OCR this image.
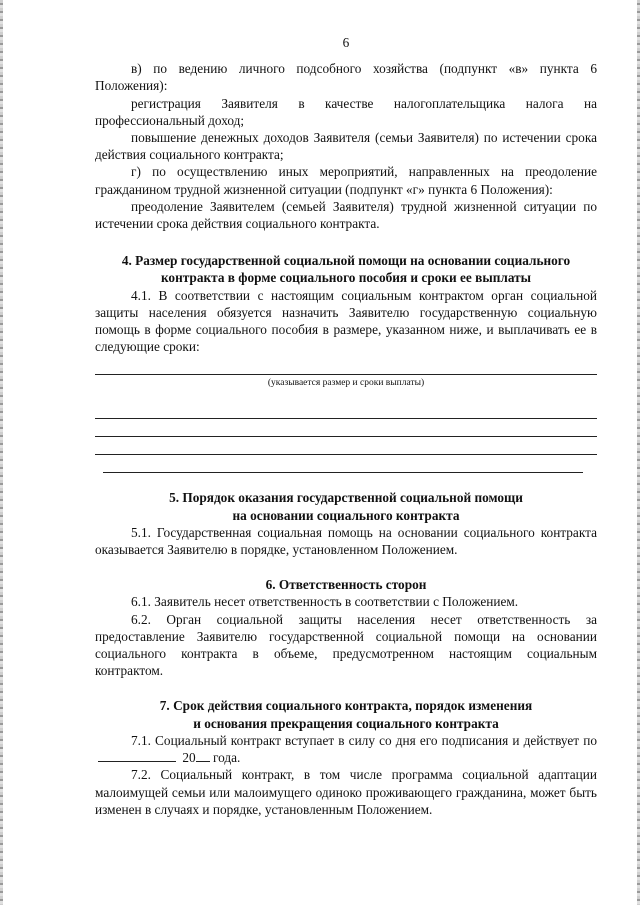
6

в) по ведению личного подсобного хозяйства (подпункт «в» пункта 6 Положения):

регистрация Заявителя в качестве налогоплательщика налога на профессиональный доход;

повышение денежных доходов Заявителя (семьи Заявителя) по истечении срока действия социального контракта;

г) по осуществлению иных мероприятий, направленных на преодоление гражданином трудной жизненной ситуации (подпункт «г» пункта 6 Положения):

преодоление Заявителем (семьей Заявителя) трудной жизненной ситуации по истечении срока действия социального контракта.

4. Размер государственной социальной помощи на основании социального
контракта в форме социального пособия и сроки ее выплаты

4.1. В соответствии с настоящим социальным контрактом орган социальной защиты населения обязуется назначить Заявителю государственную социальную помощь в форме социального пособия в размере, указанном ниже, и выплачивать ее в следующие сроки:

(указывается размер и сроки выплаты)
5. Порядок оказания государственной социальной помощи
на основании социального контракта

5.1. Государственная социальная помощь на основании социального контракта оказывается Заявителю в порядке, установленном Положением.

6. Ответственность сторон

6.1. Заявитель несет ответственность в соответствии с Положением.

6.2. Орган социальной защиты населения несет ответственность за предоставление Заявителю государственной социальной помощи на основании социального контракта в объеме, предусмотренном настоящим социальным контрактом.

7. Срок действия социального контракта, порядок изменения
и основания прекращения социального контракта

7.1. Социальный контракт вступает в силу со дня его подписания и действует по  20 года.

7.2. Социальный контракт, в том числе программа социальной адаптации малоимущей семьи или малоимущего одиноко проживающего гражданина, может быть изменен в случаях и порядке, установленным Положением.
